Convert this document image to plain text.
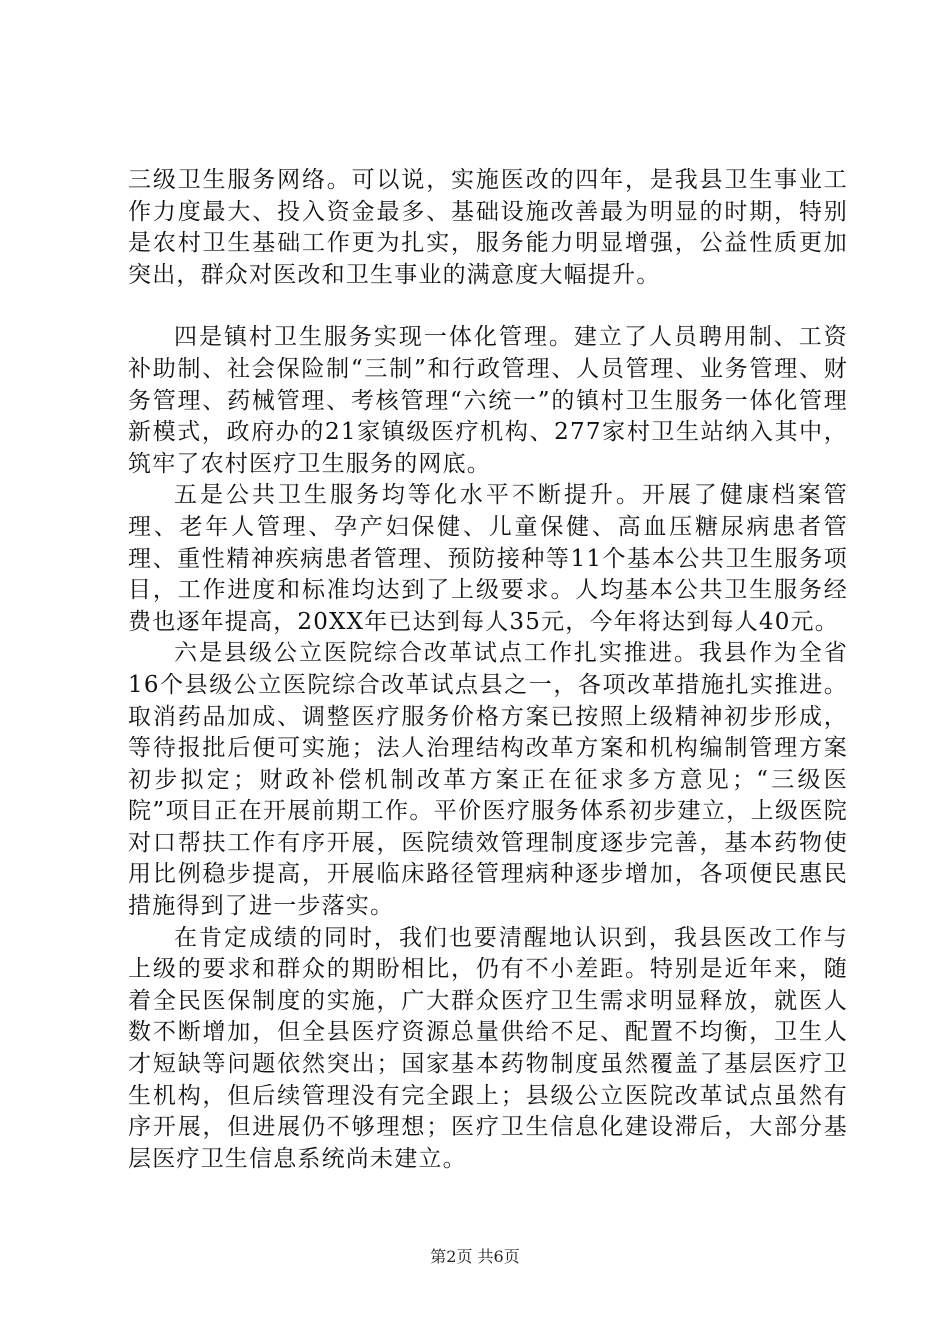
三级卫生服务网络。可以说，实施医改的四年，是我县卫生事业工作力度最大、投入资金最多、基础设施改善最为明显的时期，特别是农村卫生基础工作更为扎实，服务能力明显增强，公益性质更加突出，群众对医改和卫生事业的满意度大幅提升。

四是镇村卫生服务实现一体化管理。建立了人员聘用制、工资补助制、社会保险制“三制”和行政管理、人员管理、业务管理、财务管理、药械管理、考核管理“六统一”的镇村卫生服务一体化管理新模式，政府办的21家镇级医疗机构、277家村卫生站纳入其中，筑牢了农村医疗卫生服务的网底。

五是公共卫生服务均等化水平不断提升。开展了健康档案管理、老年人管理、孕产妇保健、儿童保健、高血压糖尿病患者管理、重性精神疾病患者管理、预防接种等11个基本公共卫生服务项目，工作进度和标准均达到了上级要求。人均基本公共卫生服务经费也逐年提高，20XX年已达到每人35元，今年将达到每人40元。

六是县级公立医院综合改革试点工作扎实推进。我县作为全省16个县级公立医院综合改革试点县之一，各项改革措施扎实推进。取消药品加成、调整医疗服务价格方案已按照上级精神初步形成，等待报批后便可实施；法人治理结构改革方案和机构编制管理方案初步拟定；财政补偿机制改革方案正在征求多方意见；“三级医院”项目正在开展前期工作。平价医疗服务体系初步建立，上级医院对口帮扶工作有序开展，医院绩效管理制度逐步完善，基本药物使用比例稳步提高，开展临床路径管理病种逐步增加，各项便民惠民措施得到了进一步落实。

在肯定成绩的同时，我们也要清醒地认识到，我县医改工作与上级的要求和群众的期盼相比，仍有不小差距。特别是近年来，随着全民医保制度的实施，广大群众医疗卫生需求明显释放，就医人数不断增加，但全县医疗资源总量供给不足、配置不均衡，卫生人才短缺等问题依然突出；国家基本药物制度虽然覆盖了基层医疗卫生机构，但后续管理没有完全跟上；县级公立医院改革试点虽然有序开展，但进展仍不够理想；医疗卫生信息化建设滞后，大部分基层医疗卫生信息系统尚未建立。

第2页 共6页
